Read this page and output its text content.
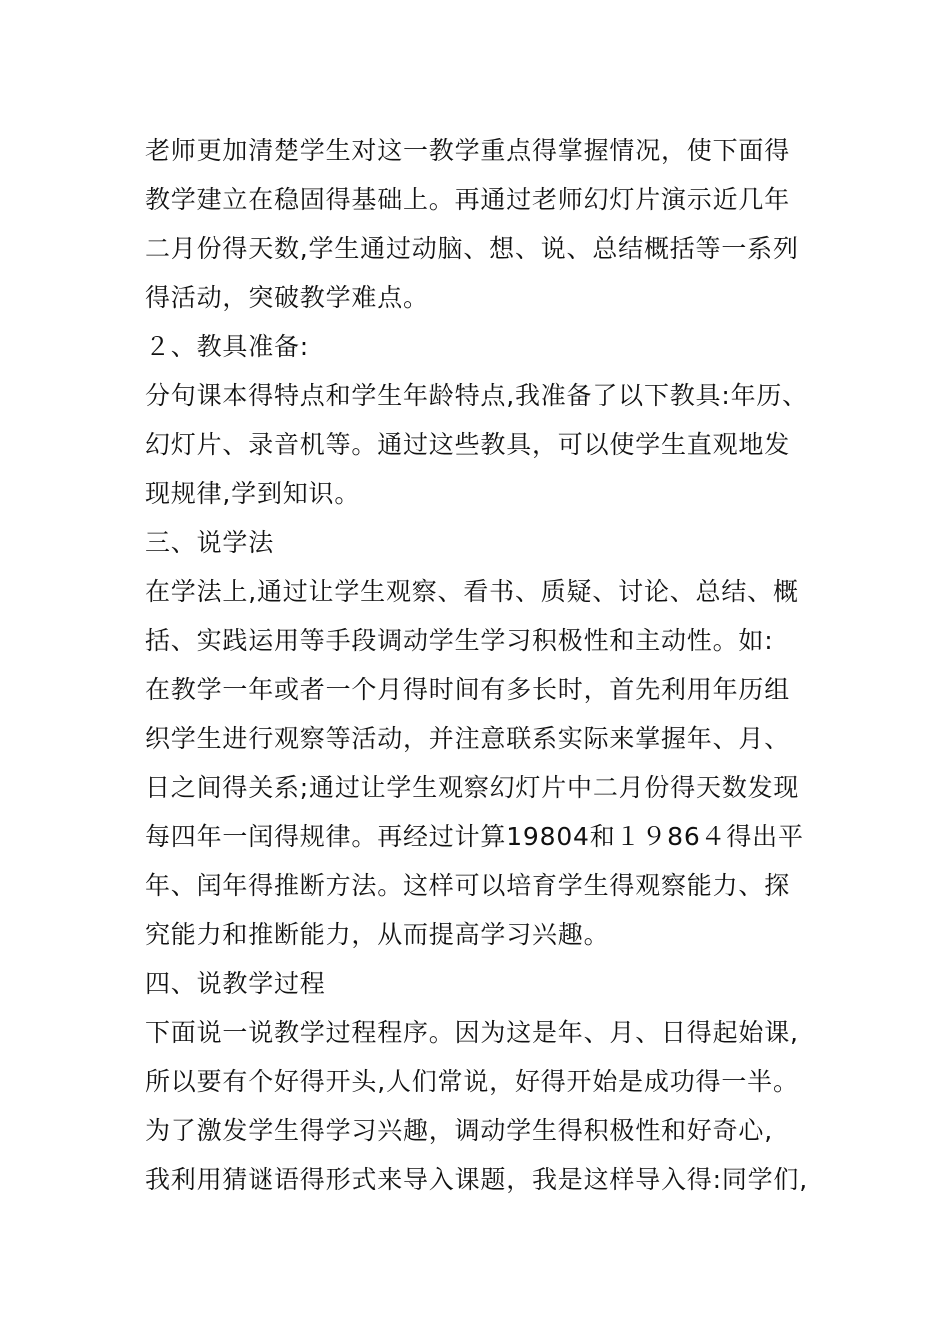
老师更加清楚学生对这一教学重点得掌握情况，使下面得
教学建立在稳固得基础上。再通过老师幻灯片演示近几年
二月份得天数,学生通过动脑、想、说、总结概括等一系列
得活动，突破教学难点。
２、教具准备:
分句课本得特点和学生年龄特点,我准备了以下教具:年历、
幻灯片、录音机等。通过这些教具，可以使学生直观地发
现规律,学到知识。
三、说学法
在学法上,通过让学生观察、看书、质疑、讨论、总结、概
括、实践运用等手段调动学生学习积极性和主动性。如:
在教学一年或者一个月得时间有多长时，首先利用年历组
织学生进行观察等活动，并注意联系实际来掌握年、月、
日之间得关系;通过让学生观察幻灯片中二月份得天数发现
每四年一闰得规律。再经过计算19804和１９86４得出平
年、闰年得推断方法。这样可以培育学生得观察能力、探
究能力和推断能力，从而提高学习兴趣。
四、说教学过程
下面说一说教学过程程序。因为这是年、月、日得起始课,
所以要有个好得开头,人们常说，好得开始是成功得一半。
为了激发学生得学习兴趣，调动学生得积极性和好奇心,
我利用猜谜语得形式来导入课题，我是这样导入得:同学们,
